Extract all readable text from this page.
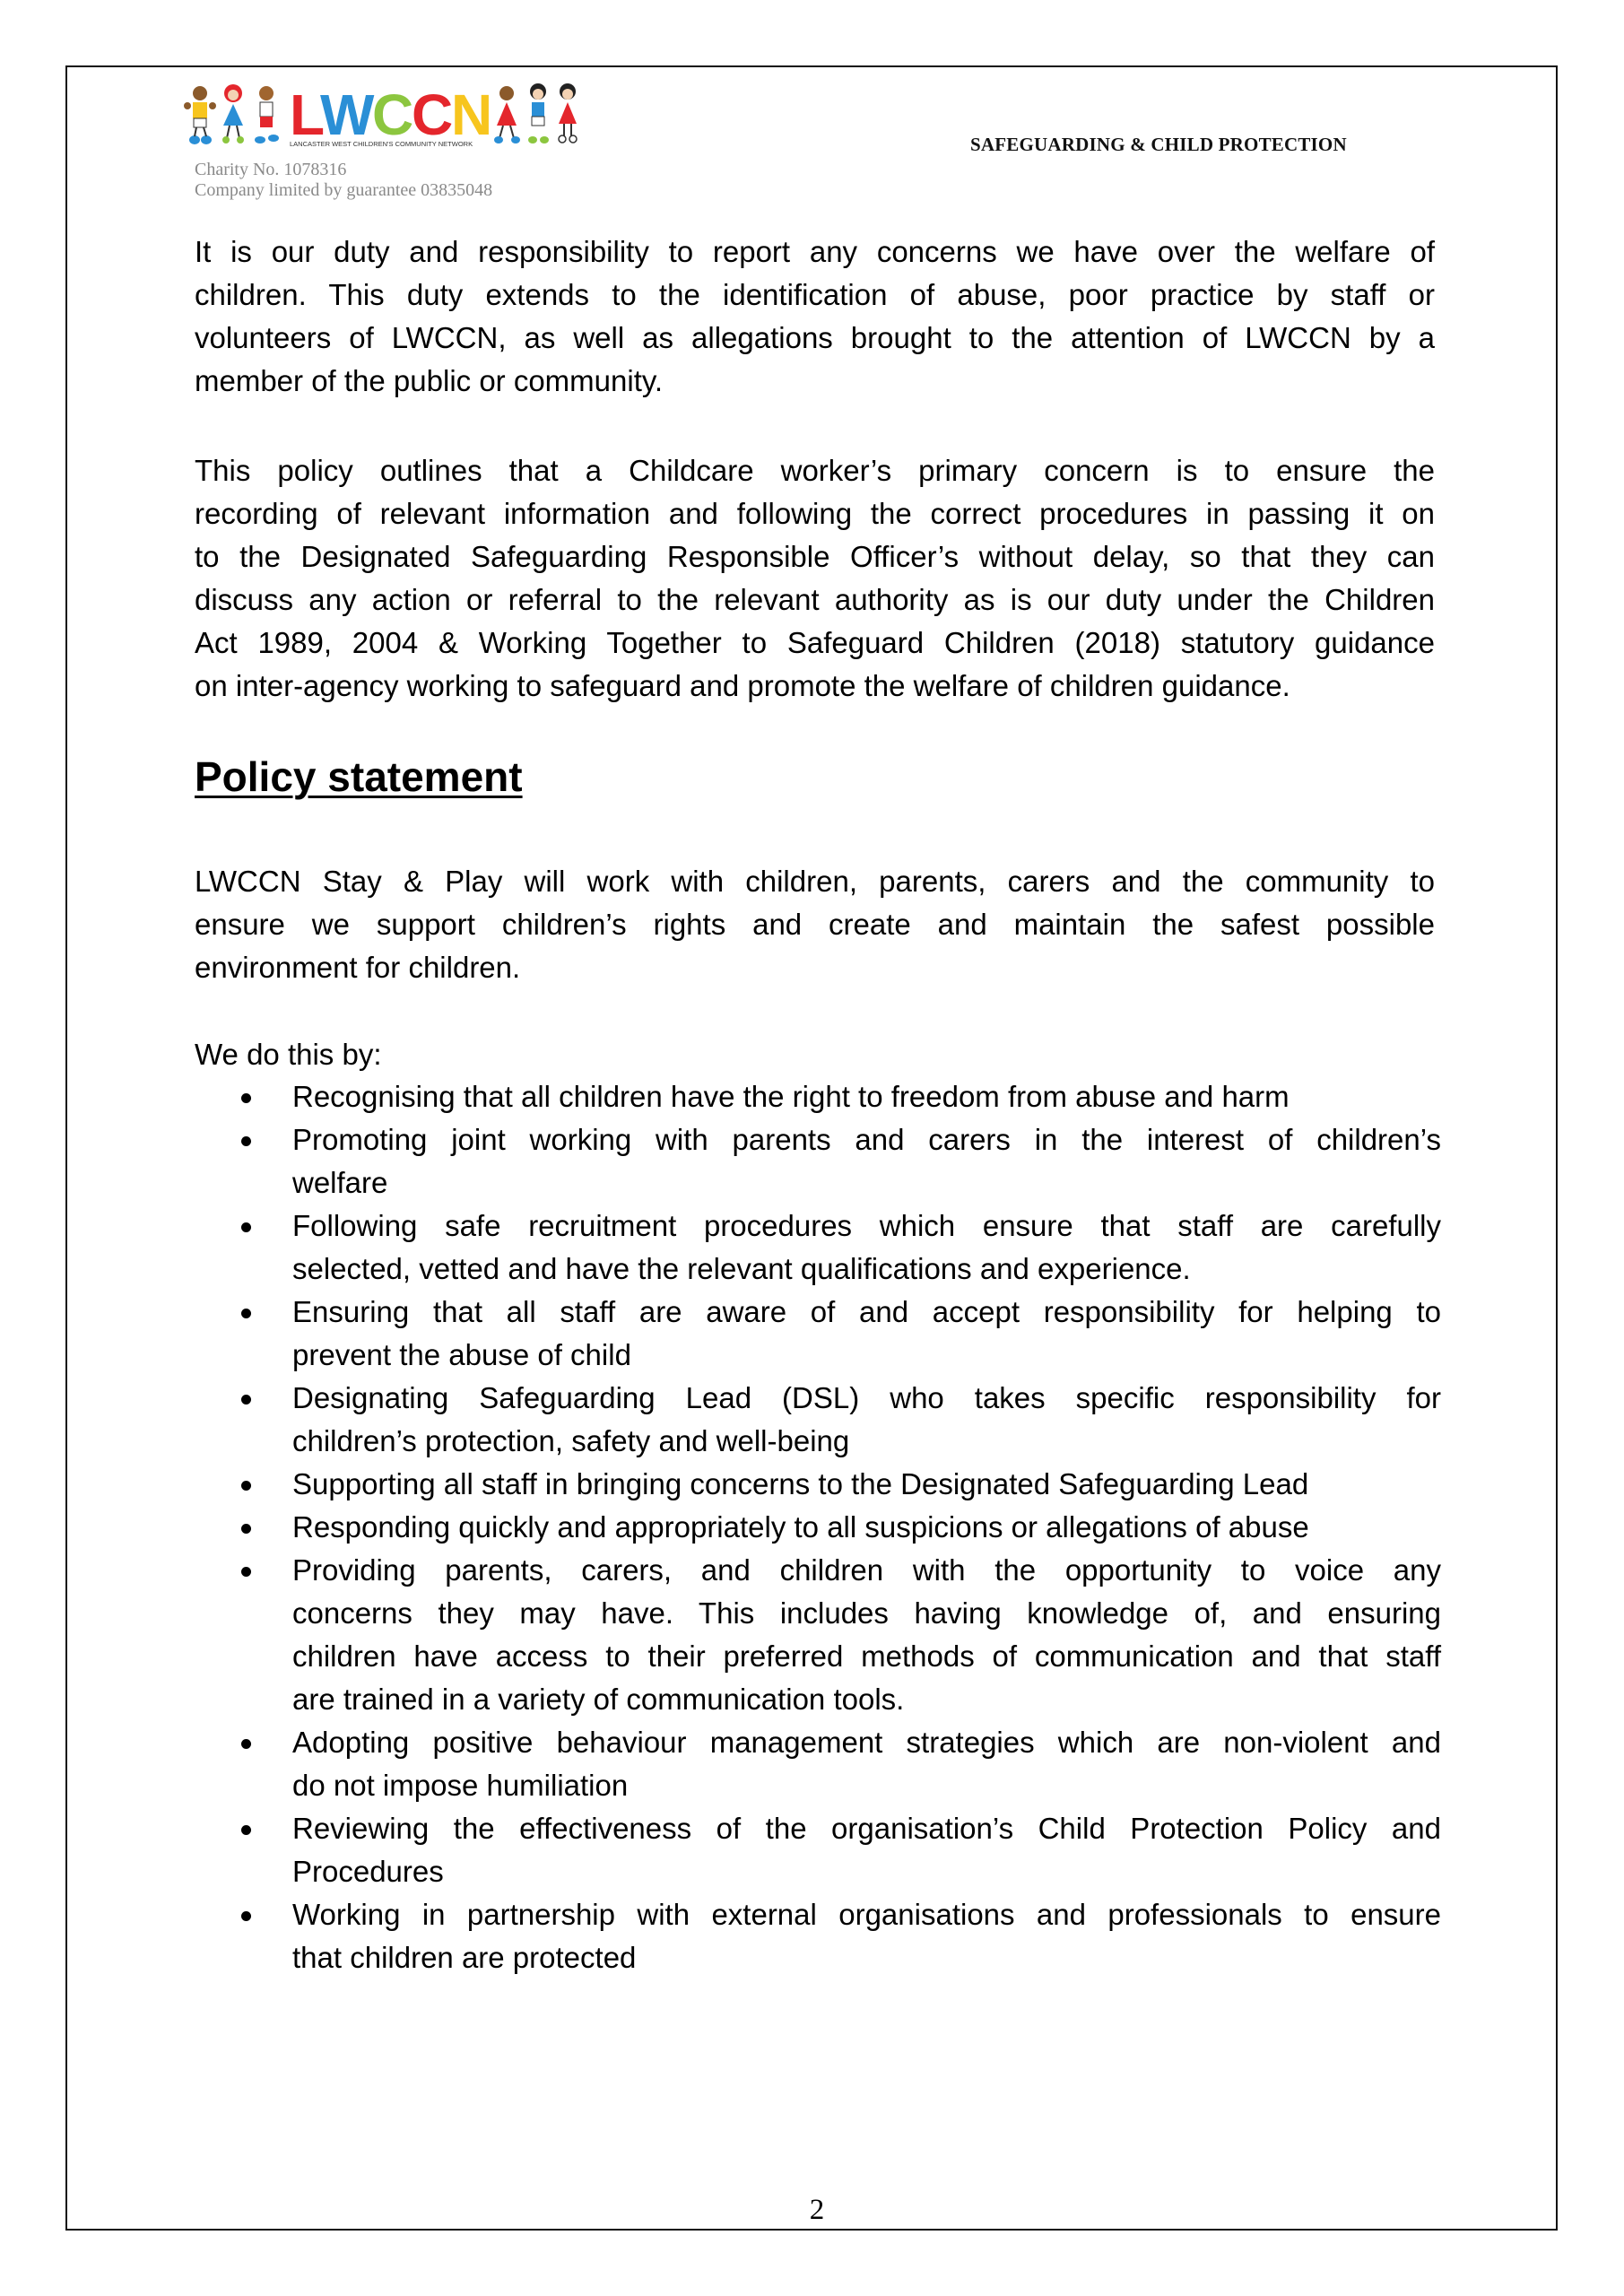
L
W
C
C
N
LANCASTER WEST CHILDREN'S COMMUNITY NETWORK
Charity No. 1078316
Company limited by guarantee 03835048
SAFEGUARDING & CHILD PROTECTION
It is our duty and responsibility to report any concerns we have over the welfare of
children. This duty extends to the identification of abuse, poor practice by staff or
volunteers of LWCCN, as well as allegations brought to the attention of LWCCN by a
member of the public or community.
This policy outlines that a Childcare worker’s primary concern is to ensure the
recording of relevant information and following the correct procedures in passing it on
to the Designated Safeguarding Responsible Officer’s without delay, so that they can
discuss any action or referral to the relevant authority as is our duty under the Children
Act 1989, 2004 & Working Together to Safeguard Children (2018) statutory guidance
on inter-agency working to safeguard and promote the welfare of children guidance.
Policy statement
LWCCN Stay & Play will work with children, parents, carers and the community to
ensure we support children’s rights and create and maintain the safest possible
environment for children.
We do this by:
Recognising that all children have the right to freedom from abuse and harm
Promoting joint working with parents and carers in the interest of children’s
welfare
Following safe recruitment procedures which ensure that staff are carefully
selected, vetted and have the relevant qualifications and experience.
Ensuring that all staff are aware of and accept responsibility for helping to
prevent the abuse of child
Designating Safeguarding Lead (DSL) who takes specific responsibility for
children’s protection, safety and well-being
Supporting all staff in bringing concerns to the Designated Safeguarding Lead
Responding quickly and appropriately to all suspicions or allegations of abuse
Providing parents, carers, and children with the opportunity to voice any
concerns they may have. This includes having knowledge of, and ensuring
children have access to their preferred methods of communication and that staff
are trained in a variety of communication tools.
Adopting positive behaviour management strategies which are non-violent and
do not impose humiliation
Reviewing the effectiveness of the organisation’s Child Protection Policy and
Procedures
Working in partnership with external organisations and professionals to ensure
that children are protected
2
